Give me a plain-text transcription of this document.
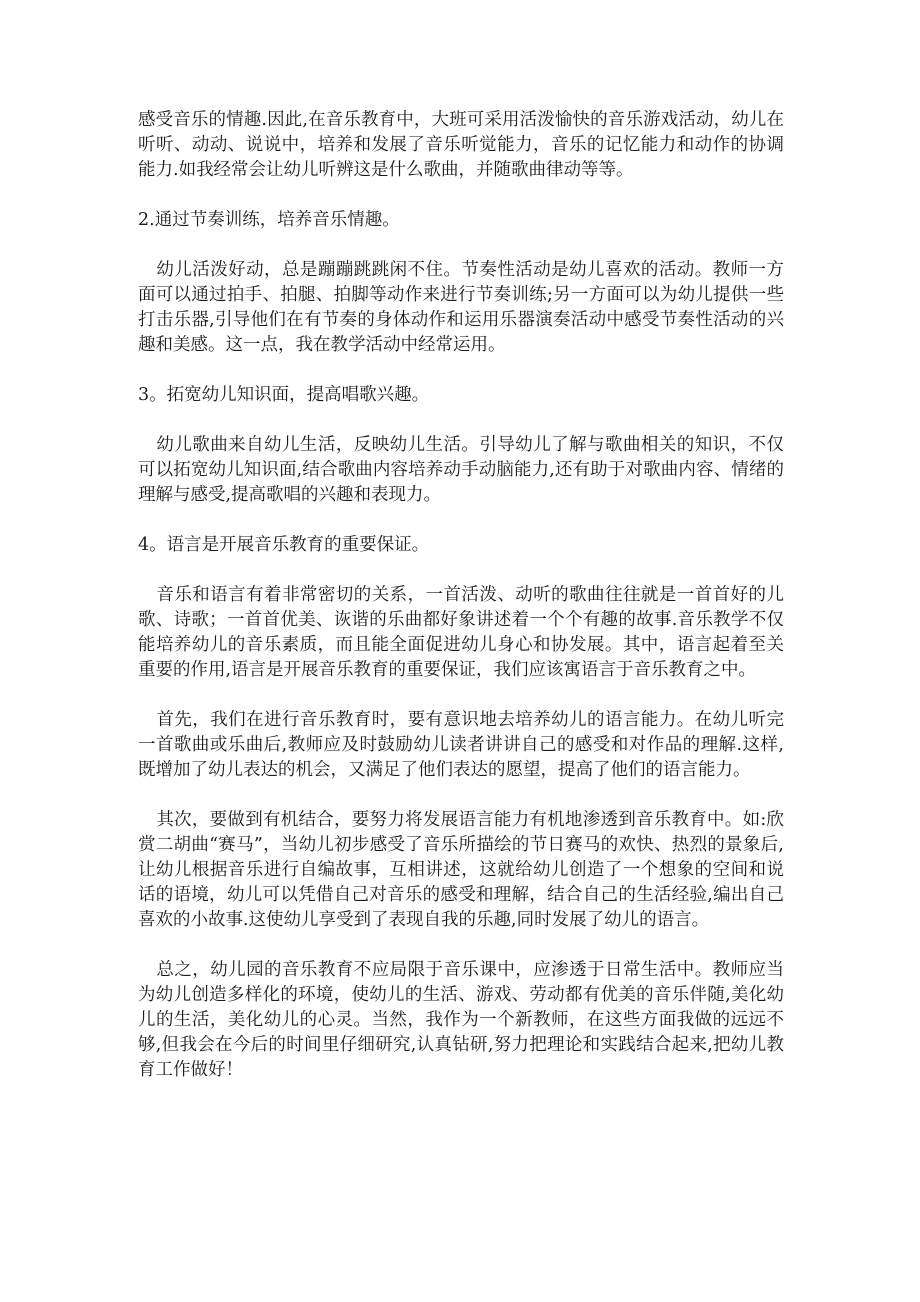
感受音乐的情趣.因此,在音乐教育中，大班可采用活泼愉快的音乐游戏活动，幼儿在听听、动动、说说中，培养和发展了音乐听觉能力，音乐的记忆能力和动作的协调能力.如我经常会让幼儿听辨这是什么歌曲，并随歌曲律动等等。

2.通过节奏训练，培养音乐情趣。

幼儿活泼好动，总是蹦蹦跳跳闲不住。节奏性活动是幼儿喜欢的活动。教师一方面可以通过拍手、拍腿、拍脚等动作来进行节奏训练;另一方面可以为幼儿提供一些打击乐器,引导他们在有节奏的身体动作和运用乐器演奏活动中感受节奏性活动的兴趣和美感。这一点，我在教学活动中经常运用。

3。拓宽幼儿知识面，提高唱歌兴趣。

幼儿歌曲来自幼儿生活，反映幼儿生活。引导幼儿了解与歌曲相关的知识，不仅可以拓宽幼儿知识面,结合歌曲内容培养动手动脑能力,还有助于对歌曲内容、情绪的理解与感受,提高歌唱的兴趣和表现力。

4。语言是开展音乐教育的重要保证。

音乐和语言有着非常密切的关系，一首活泼、动听的歌曲往往就是一首首好的儿歌、诗歌；一首首优美、诙谐的乐曲都好象讲述着一个个有趣的故事.音乐教学不仅能培养幼儿的音乐素质，而且能全面促进幼儿身心和协发展。其中，语言起着至关重要的作用,语言是开展音乐教育的重要保证，我们应该寓语言于音乐教育之中。

首先，我们在进行音乐教育时，要有意识地去培养幼儿的语言能力。在幼儿听完一首歌曲或乐曲后,教师应及时鼓励幼儿读者讲讲自己的感受和对作品的理解.这样,既增加了幼儿表达的机会，又满足了他们表达的愿望，提高了他们的语言能力。

其次，要做到有机结合，要努力将发展语言能力有机地渗透到音乐教育中。如:欣赏二胡曲“赛马”，当幼儿初步感受了音乐所描绘的节日赛马的欢快、热烈的景象后,让幼儿根据音乐进行自编故事，互相讲述，这就给幼儿创造了一个想象的空间和说话的语境，幼儿可以凭借自己对音乐的感受和理解，结合自己的生活经验,编出自己喜欢的小故事.这使幼儿享受到了表现自我的乐趣,同时发展了幼儿的语言。

总之，幼儿园的音乐教育不应局限于音乐课中，应渗透于日常生活中。教师应当为幼儿创造多样化的环境，使幼儿的生活、游戏、劳动都有优美的音乐伴随,美化幼儿的生活，美化幼儿的心灵。当然，我作为一个新教师，在这些方面我做的远远不够,但我会在今后的时间里仔细研究,认真钻研,努力把理论和实践结合起来,把幼儿教育工作做好！
